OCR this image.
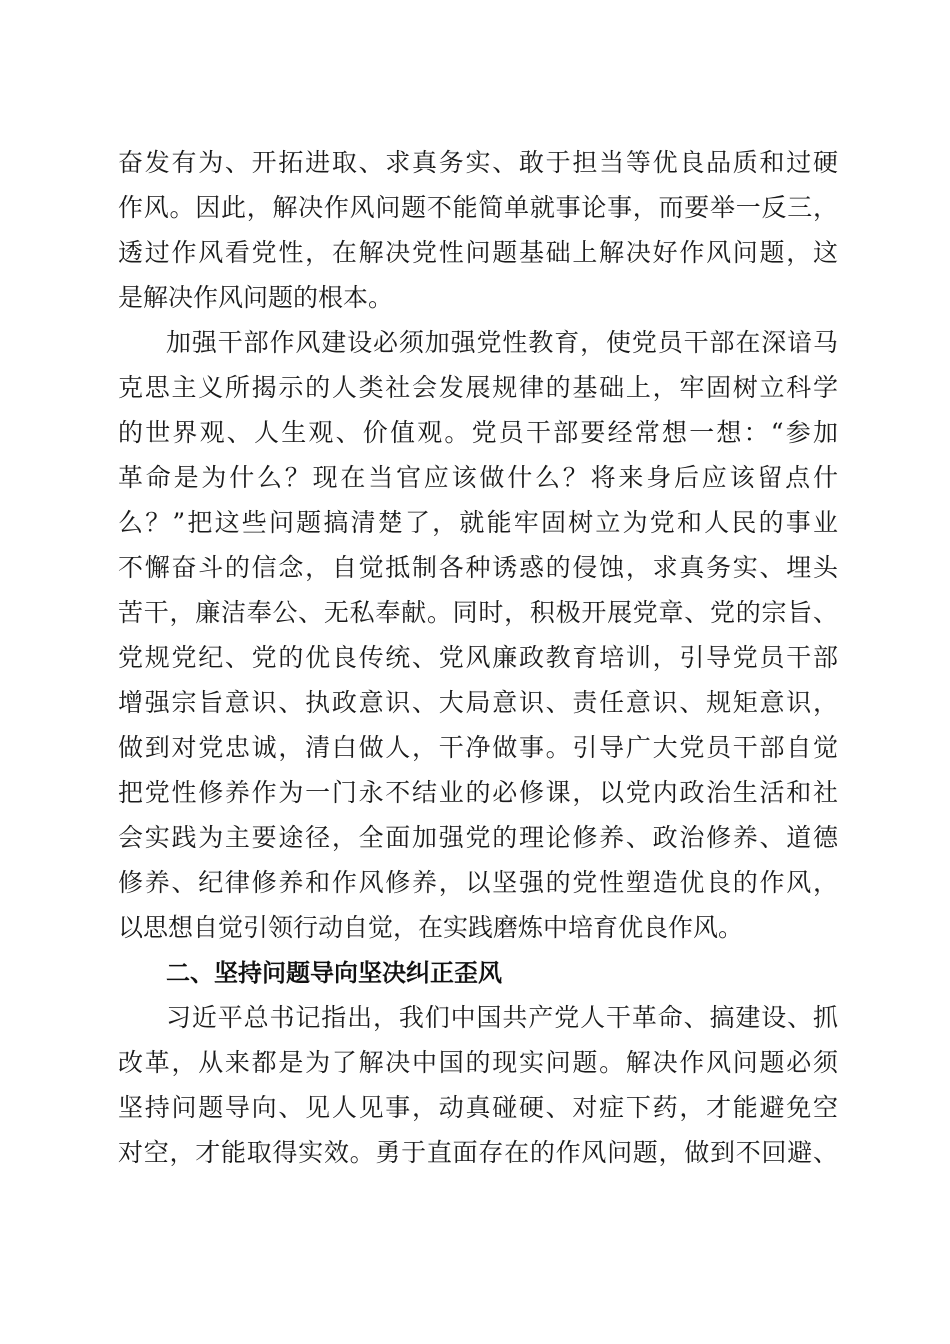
奋发有为、开拓进取、求真务实、敢于担当等优良品质和过硬
作风。因此，解决作风问题不能简单就事论事，而要举一反三，
透过作风看党性，在解决党性问题基础上解决好作风问题，这
是解决作风问题的根本。
加强干部作风建设必须加强党性教育，使党员干部在深谙马
克思主义所揭示的人类社会发展规律的基础上，牢固树立科学
的世界观、人生观、价值观。党员干部要经常想一想：“参加
革命是为什么？现在当官应该做什么？将来身后应该留点什
么？”把这些问题搞清楚了，就能牢固树立为党和人民的事业
不懈奋斗的信念，自觉抵制各种诱惑的侵蚀，求真务实、埋头
苦干，廉洁奉公、无私奉献。同时，积极开展党章、党的宗旨、
党规党纪、党的优良传统、党风廉政教育培训，引导党员干部
增强宗旨意识、执政意识、大局意识、责任意识、规矩意识，
做到对党忠诚，清白做人，干净做事。引导广大党员干部自觉
把党性修养作为一门永不结业的必修课，以党内政治生活和社
会实践为主要途径，全面加强党的理论修养、政治修养、道德
修养、纪律修养和作风修养，以坚强的党性塑造优良的作风，
以思想自觉引领行动自觉，在实践磨炼中培育优良作风。
二、坚持问题导向坚决纠正歪风
习近平总书记指出，我们中国共产党人干革命、搞建设、抓
改革，从来都是为了解决中国的现实问题。解决作风问题必须
坚持问题导向、见人见事，动真碰硬、对症下药，才能避免空
对空，才能取得实效。勇于直面存在的作风问题，做到不回避、
